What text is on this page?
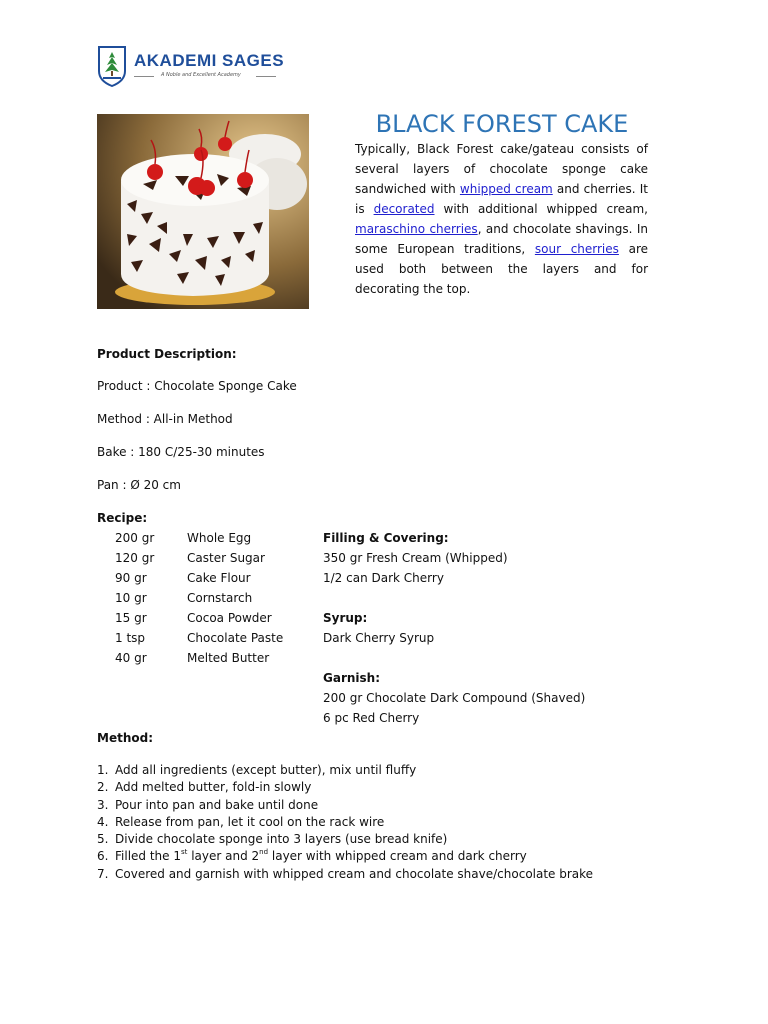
AKADEMI SAGES
A Noble and Excellent Academy
BLACK FOREST CAKE
Typically, Black Forest cake/gateau consists of several layers of chocolate sponge cake sandwiched with whipped cream and cherries. It is decorated with additional whipped cream, maraschino cherries, and chocolate shavings. In some European traditions, sour cherries are used both between the layers and for decorating the top.
Product Description:
Product : Chocolate Sponge Cake
Method : All-in Method
Bake : 180 C/25-30 minutes
Pan : Ø 20 cm
Recipe:
200 gr	Whole Egg
120 gr	Caster Sugar
90 gr	Cake Flour
10 gr	Cornstarch
15 gr	Cocoa Powder
1 tsp	Chocolate Paste
40 gr	Melted Butter
Filling & Covering:
350 gr Fresh Cream (Whipped)
1/2 can Dark Cherry
Syrup:
Dark Cherry Syrup
Garnish:
200 gr Chocolate Dark Compound (Shaved)
6 pc Red Cherry
Method:
1. Add all ingredients (except butter), mix until fluffy
2. Add melted butter, fold-in slowly
3. Pour into pan and bake until done
4. Release from pan, let it cool on the rack wire
5. Divide chocolate sponge into 3 layers (use bread knife)
6. Filled the 1st layer and 2nd layer with whipped cream and dark cherry
7. Covered and garnish with whipped cream and chocolate shave/chocolate brake
